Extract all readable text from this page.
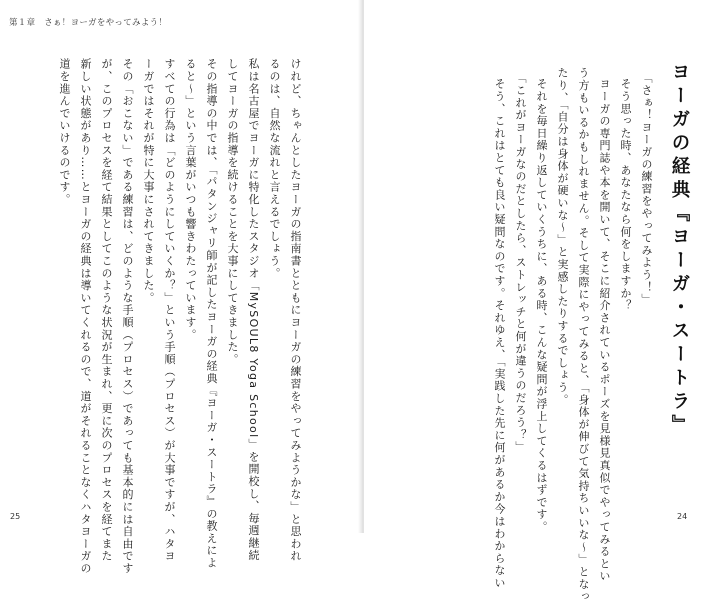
第１章　さぁ！ヨーガをやってみよう！
けれど、ちゃんとしたヨーガの指南書とともにヨーガの練習をやってみようかな」と思われ
るのは、自然な流れと言えるでしょう。
私は名古屋でヨーガに特化したスタジオ「MySOUL8 Yoga School」を開校し、毎週継続
してヨーガの指導を続けることを大事にしてきました。
その指導の中では、「パタンジャリ師が記したヨーガの経典『ヨーガ・スートラ』の教えによ
ると〜」という言葉がいつも響きわたっています。
すべての行為は「どのようにしていくか？」という手順（プロセス）が大事ですが、ハタヨ
ーガではそれが特に大事にされてきました。
その「おこない」である練習は、どのような手順（プロセス）であっても基本的には自由です
が、このプロセスを経て結果としてこのような状況が生まれ、更に次のプロセスを経てまた
新しい状態があり……とヨーガの経典は導いてくれるので、道がそれることなくハタヨーガの
道を進んでいけるのです。
25
ヨーガの経典『ヨーガ・スートラ』
「さぁ！ヨーガの練習をやってみよう！」
そう思った時、あなたなら何をしますか？
ヨーガの専門誌や本を開いて、そこに紹介されているポーズを見様見真似でやってみるとい
う方もいるかもしれません。そして実際にやってみると、「身体が伸びて気持ちいいな〜」となっ
たり、「自分は身体が硬いな〜」と実感したりするでしょう。
それを毎日繰り返していくうちに、ある時、こんな疑問が浮上してくるはずです。
「これがヨーガなのだとしたら、ストレッチと何が違うのだろう？」
そう、これはとても良い疑問なのです。それゆえ、「実践した先に何があるか今はわからない	24
